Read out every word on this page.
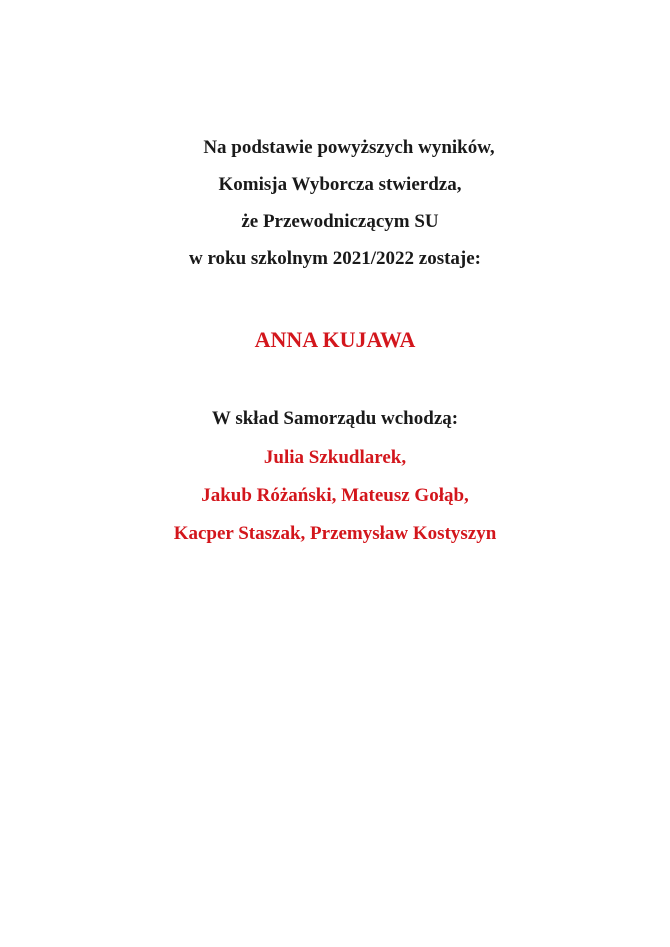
Na podstawie powyższych wyników,
Komisja Wyborcza stwierdza,
że Przewodniczącym SU
w roku szkolnym 2021/2022 zostaje:
ANNA KUJAWA
W skład Samorządu wchodzą:
Julia Szkudlarek,
Jakub Różański, Mateusz Gołąb,
Kacper Staszak, Przemysław Kostyszyn
